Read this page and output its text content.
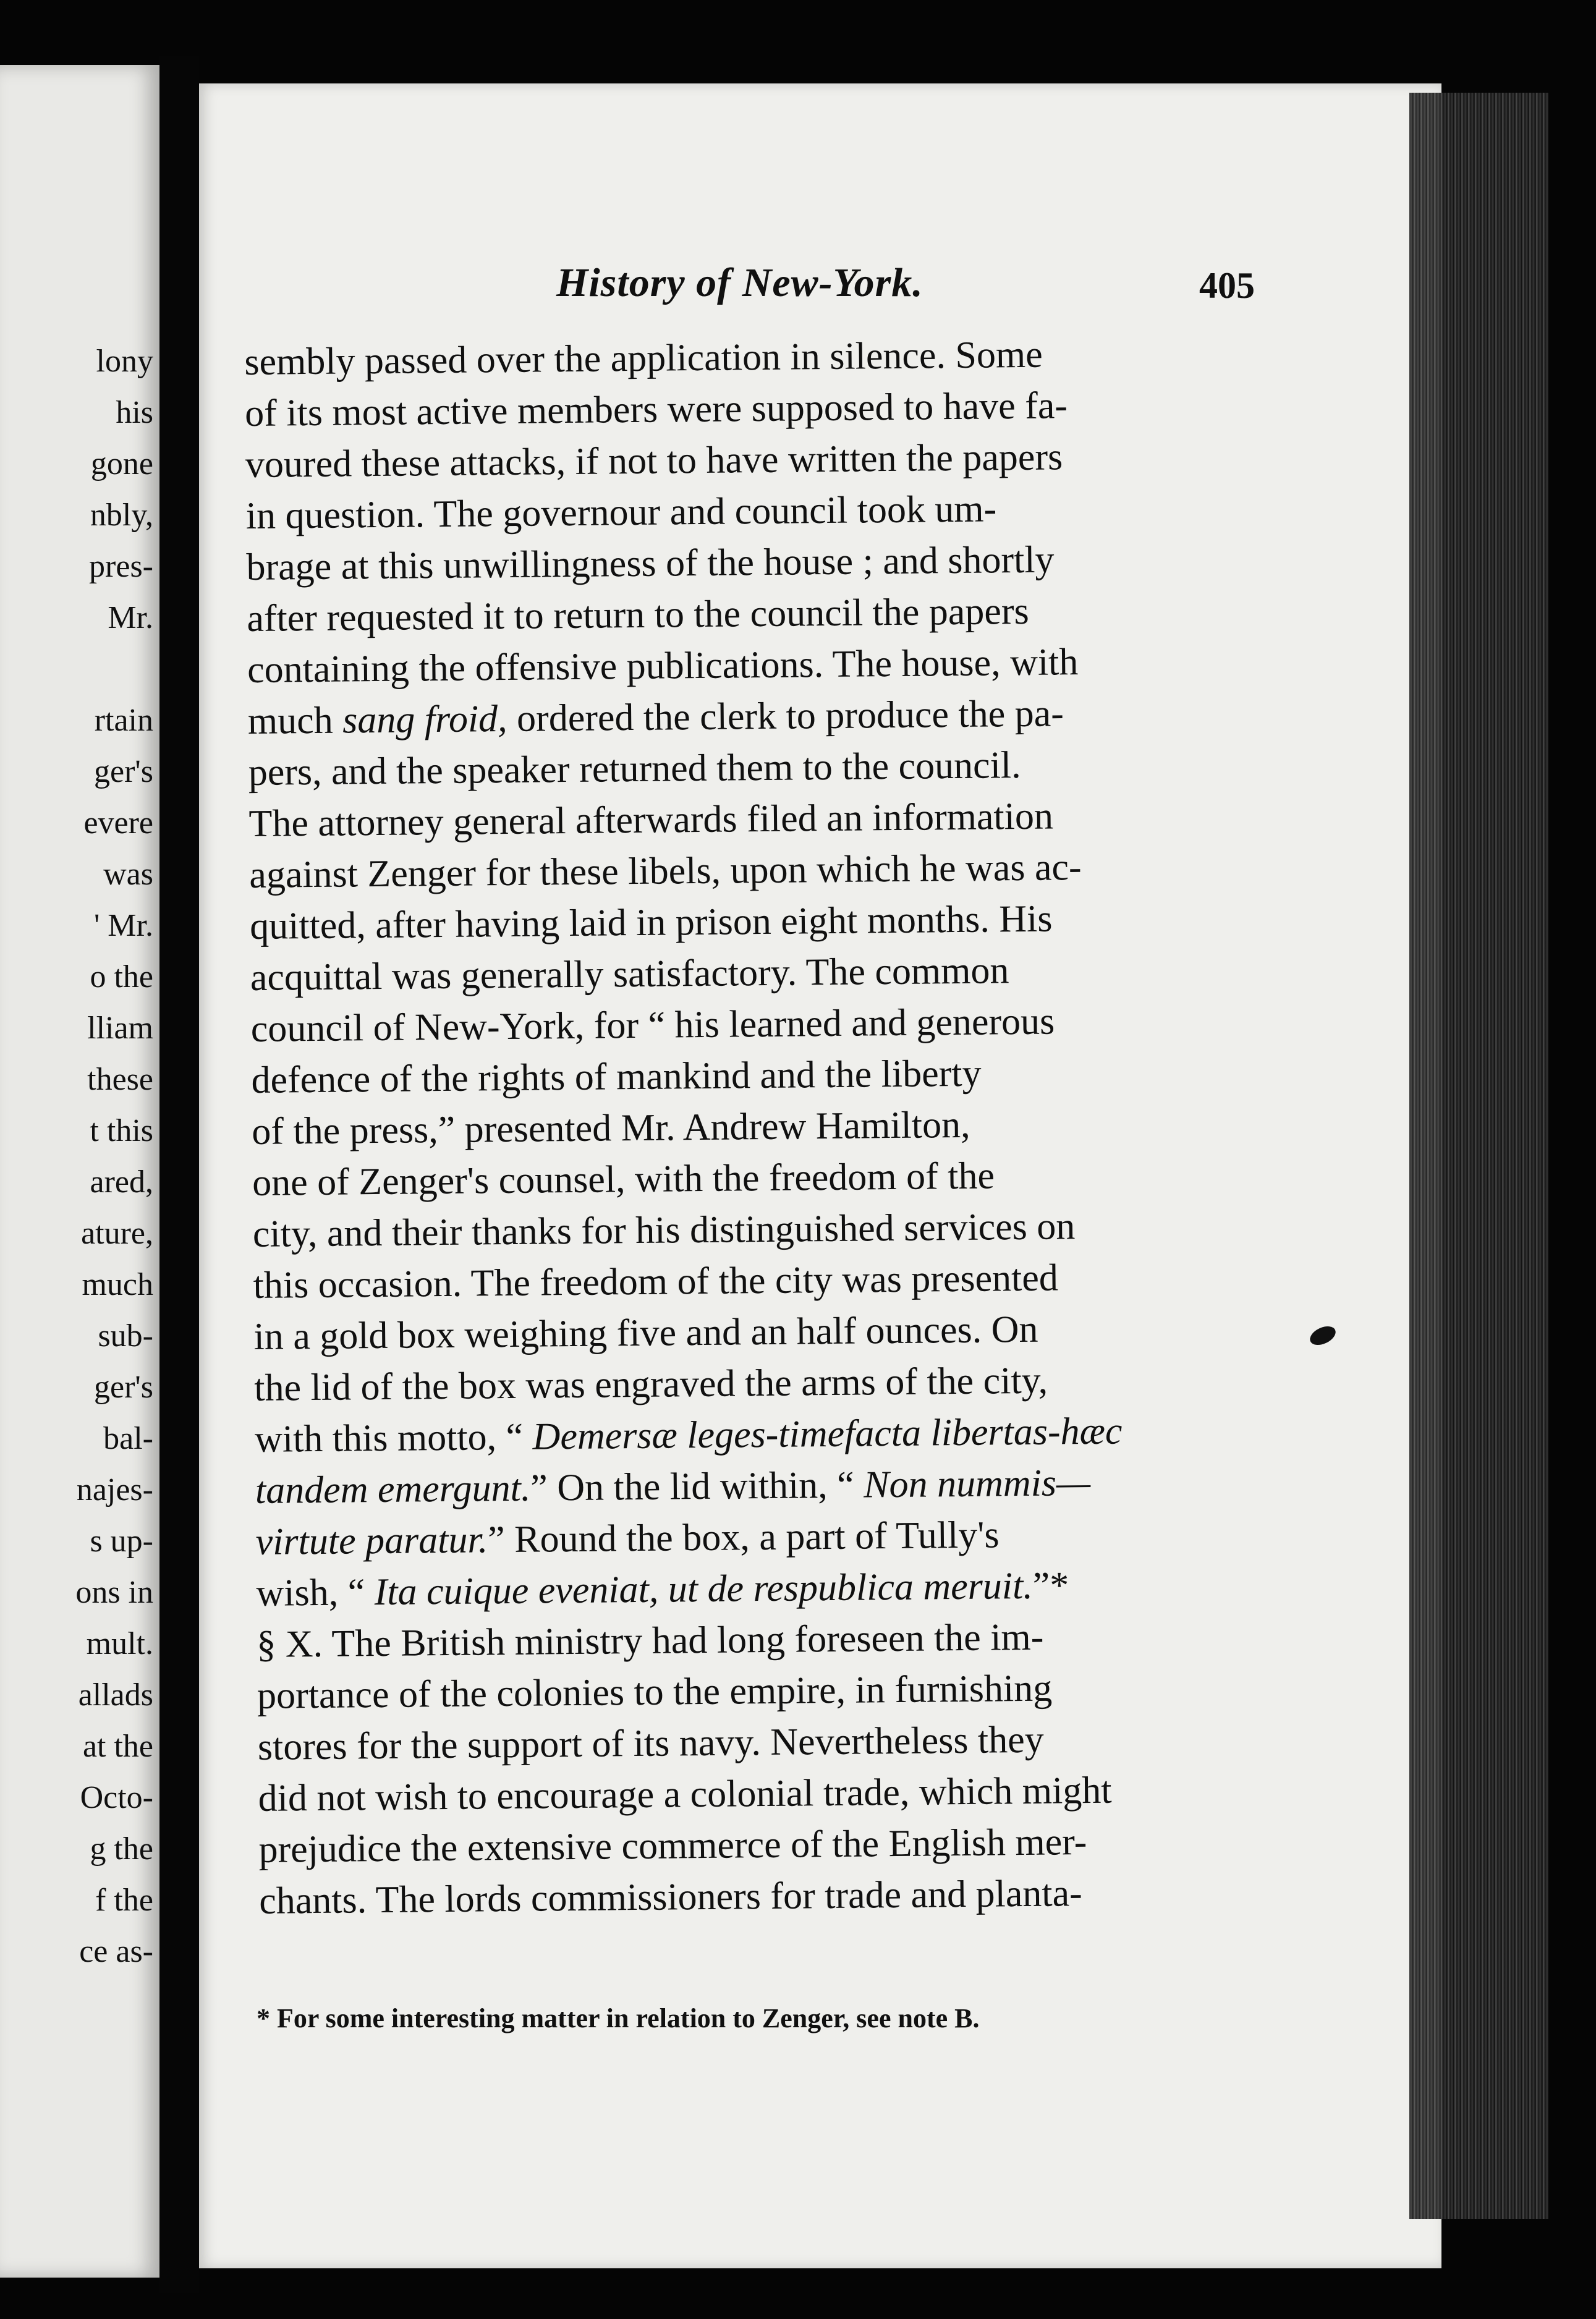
lony
his
gone
nbly,
pres-
Mr.
rtain
ger's
evere
was
' Mr.
o the
lliam
these
t this
ared,
ature,
much
sub-
ger's
bal-
najes-
s up-
ons in
mult.
allads
at the
Octo-
g the
f the
ce as-
History of New-York.	405
sembly passed over the application in silence. Some
of its most active members were supposed to have fa-
voured these attacks, if not to have written the papers
in question. The governour and council took um-
brage at this unwillingness of the house ; and shortly
after requested it to return to the council the papers
containing the offensive publications. The house, with
much sang froid, ordered the clerk to produce the pa-
pers, and the speaker returned them to the council.
The attorney general afterwards filed an information
against Zenger for these libels, upon which he was ac-
quitted, after having laid in prison eight months. His
acquittal was generally satisfactory. The common
council of New-York, for “ his learned and generous
defence of the rights of mankind and the liberty
of the press,” presented Mr. Andrew Hamilton,
one of Zenger's counsel, with the freedom of the
city, and their thanks for his distinguished services on
this occasion. The freedom of the city was presented
in a gold box weighing five and an half ounces. On
the lid of the box was engraved the arms of the city,
with this motto, “ Demersæ leges-timefacta libertas-hæc
tandem emergunt.” On the lid within, “ Non nummis—
virtute paratur.” Round the box, a part of Tully's
wish, “ Ita cuique eveniat, ut de respublica meruit.”*
§ X. The British ministry had long foreseen the im-
portance of the colonies to the empire, in furnishing
stores for the support of its navy. Nevertheless they
did not wish to encourage a colonial trade, which might
prejudice the extensive commerce of the English mer-
chants. The lords commissioners for trade and planta-
* For some interesting matter in relation to Zenger, see note B.
